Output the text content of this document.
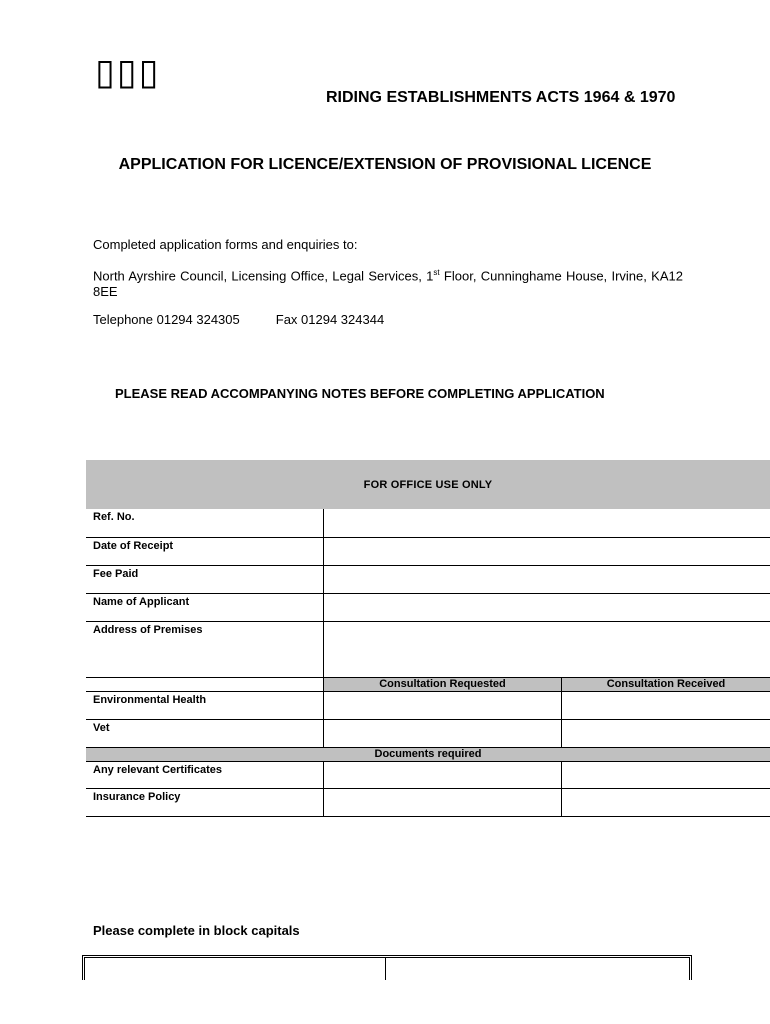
▯▯▯
RIDING ESTABLISHMENTS ACTS 1964 & 1970
APPLICATION FOR LICENCE/EXTENSION OF PROVISIONAL LICENCE
Completed application forms and enquiries to:
North Ayrshire Council, Licensing Office, Legal Services, 1st Floor, Cunninghame House, Irvine, KA12 8EE
Telephone 01294 324305	Fax 01294 324344
PLEASE READ ACCOMPANYING NOTES BEFORE COMPLETING APPLICATION
FOR OFFICE USE ONLY
Ref. No.		
Date of Receipt		
Fee Paid		
Name of Applicant		
Address of Premises		
	Consultation Requested	Consultation Received
Environmental Health		
Vet		
Documents required		
Any relevant Certificates		
Insurance Policy		
Please complete in block capitals
